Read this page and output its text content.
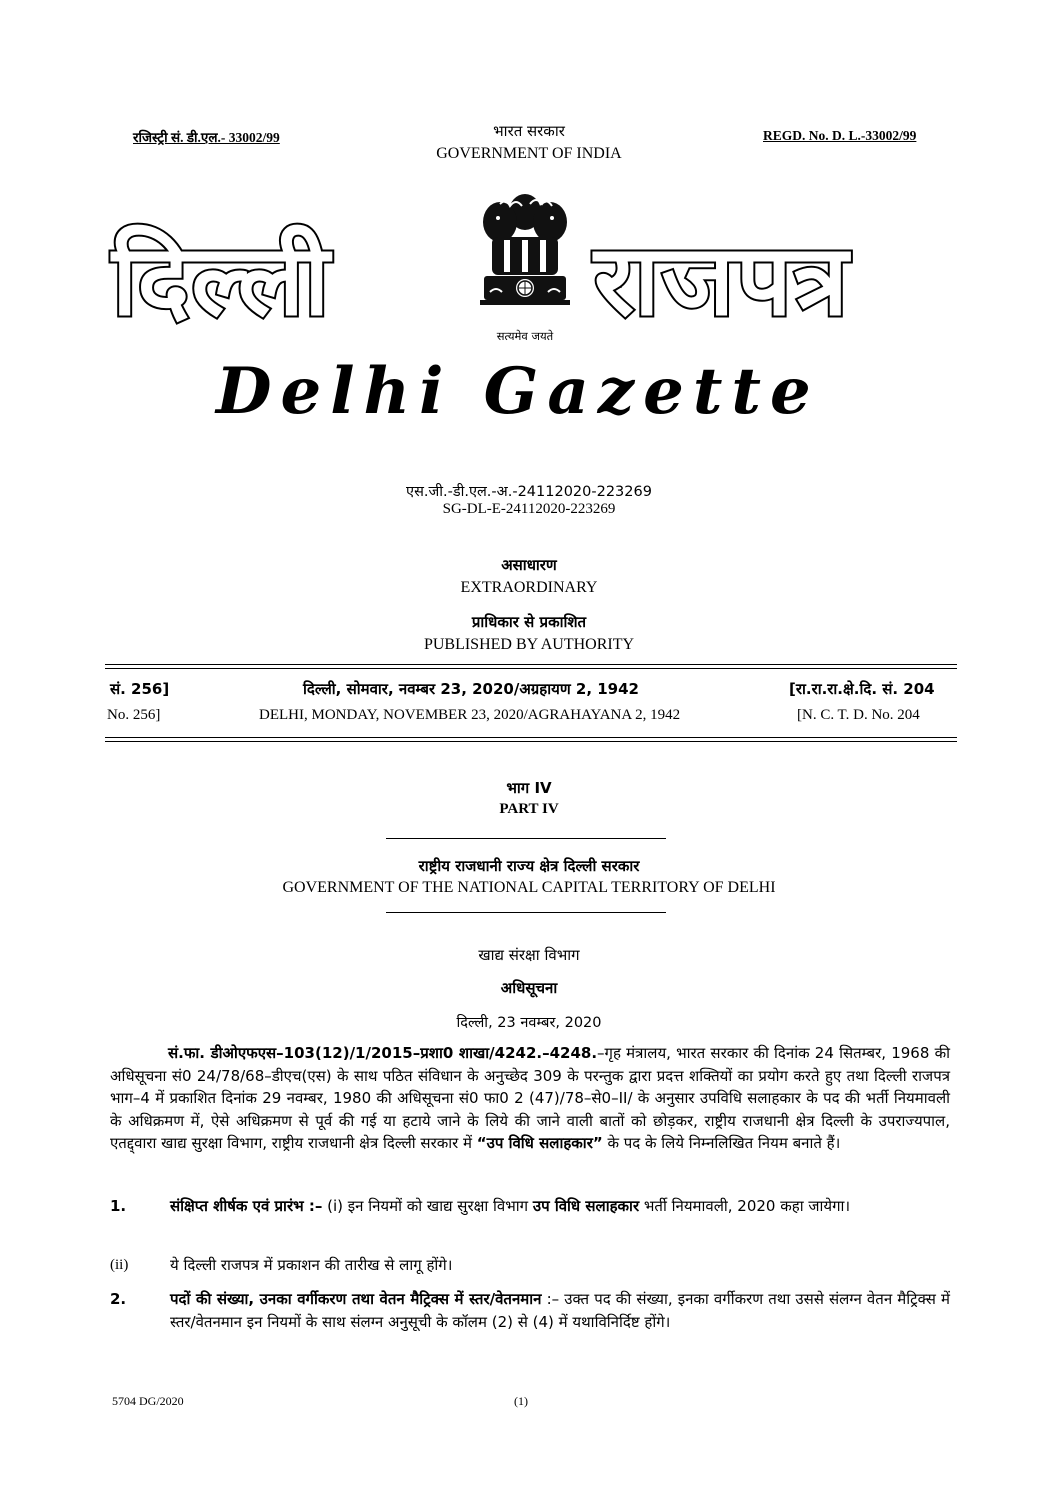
रजिस्ट्री सं. डी.एल.- 33002/99	REGD. No. D. L.-33002/99
भारत सरकार
GOVERNMENT OF INDIA
दिल्ली	राजपत्र
सत्यमेव जयते
Delhi Gazette
एस.जी.-डी.एल.-अ.-24112020-223269
SG-DL-E-24112020-223269
असाधारण
EXTRAORDINARY
प्राधिकार से प्रकाशित
PUBLISHED BY AUTHORITY
सं. 256]	दिल्ली, सोमवार, नवम्बर 23, 2020/अग्रहायण 2, 1942	[रा.रा.रा.क्षे.दि. सं. 204
No. 256]	DELHI, MONDAY, NOVEMBER 23, 2020/AGRAHAYANA 2, 1942	[N. C. T. D. No. 204
भाग IV
PART IV
राष्ट्रीय राजधानी राज्य क्षेत्र दिल्ली सरकार
GOVERNMENT OF THE NATIONAL CAPITAL TERRITORY OF DELHI
खाद्य संरक्षा विभाग
अधिसूचना
दिल्ली, 23 नवम्बर, 2020
सं.फा. डीओएफएस–103(12)/1/2015–प्रशा0 शाखा/4242.–4248.–गृह मंत्रालय, भारत सरकार की दिनांक 24 सितम्बर, 1968 की अधिसूचना सं0 24/78/68–डीएच(एस) के साथ पठित संविधान के अनुच्छेद 309 के परन्तुक द्वारा प्रदत्त शक्तियों का प्रयोग करते हुए तथा दिल्ली राजपत्र भाग–4 में प्रकाशित दिनांक 29 नवम्बर, 1980 की अधिसूचना सं0 फा0 2 (47)/78–से0–II/ के अनुसार उपविधि सलाहकार के पद की भर्ती नियमावली के अधिक्रमण में, ऐसे अधिक्रमण से पूर्व की गई या हटाये जाने के लिये की जाने वाली बातों को छोड़कर, राष्ट्रीय राजधानी क्षेत्र दिल्ली के उपराज्यपाल, एतद्द्वारा खाद्य सुरक्षा विभाग, राष्ट्रीय राजधानी क्षेत्र दिल्ली सरकार में “उप विधि सलाहकार” के पद के लिये निम्नलिखित नियम बनाते हैं।
1.	संक्षिप्त शीर्षक एवं प्रारंभ :– (i) इन नियमों को खाद्य सुरक्षा विभाग उप विधि सलाहकार भर्ती नियमावली, 2020 कहा जायेगा।
(ii)	ये दिल्ली राजपत्र में प्रकाशन की तारीख से लागू होंगे।
2.	पदों की संख्या, उनका वर्गीकरण तथा वेतन मैट्रिक्स में स्तर/वेतनमान :– उक्त पद की संख्या, इनका वर्गीकरण तथा उससे संलग्न वेतन मैट्रिक्स में स्तर/वेतनमान इन नियमों के साथ संलग्न अनुसूची के कॉलम (2) से (4) में यथाविनिर्दिष्ट होंगे।
5704 DG/2020	(1)
